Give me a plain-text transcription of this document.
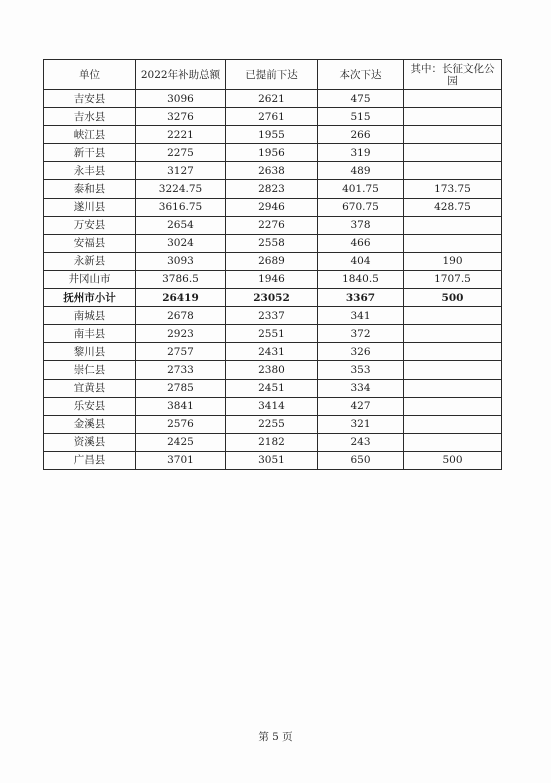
单位	2022年补助总额	已提前下达	本次下达	其中：长征文化公园
吉安县	3096	2621	475	
吉水县	3276	2761	515	
峡江县	2221	1955	266	
新干县	2275	1956	319	
永丰县	3127	2638	489	
泰和县	3224.75	2823	401.75	173.75
遂川县	3616.75	2946	670.75	428.75
万安县	2654	2276	378	
安福县	3024	2558	466	
永新县	3093	2689	404	190
井冈山市	3786.5	1946	1840.5	1707.5
抚州市小计	26419	23052	3367	500
南城县	2678	2337	341	
南丰县	2923	2551	372	
黎川县	2757	2431	326	
崇仁县	2733	2380	353	
宜黄县	2785	2451	334	
乐安县	3841	3414	427	
金溪县	2576	2255	321	
资溪县	2425	2182	243	
广昌县	3701	3051	650	500
第 5 页
